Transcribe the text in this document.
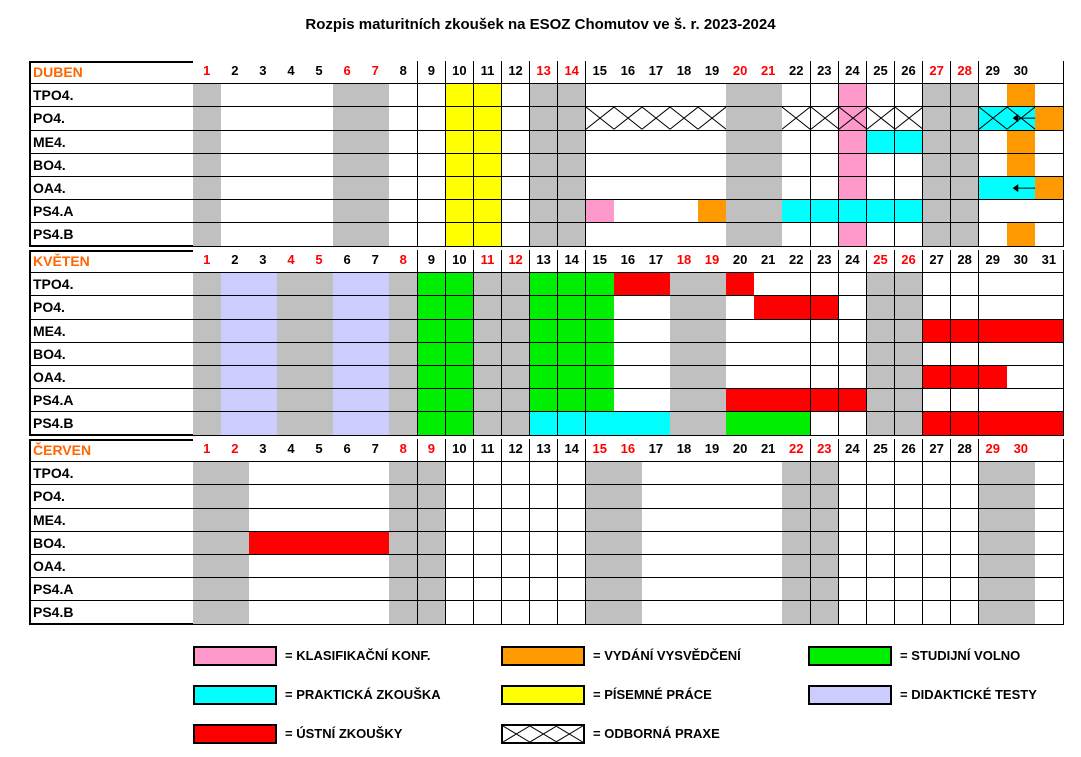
Rozpis maturitních zkoušek na ESOZ Chomutov ve š. r. 2023-2024
DUBEN	1	2	3	4	5	6	7	8	9	10	11	12	13	14	15	16	17	18	19	20	21	22	23	24	25	26	27	28	29	30
TPO4.
PO4.
ME4.
BO4.
OA4.
PS4.A
PS4.B
KVĚTEN	1	2	3	4	5	6	7	8	9	10	11	12	13	14	15	16	17	18	19	20	21	22	23	24	25	26	27	28	29	30	31
TPO4.
PO4.
ME4.
BO4.
OA4.
PS4.A
PS4.B
ČERVEN	1	2	3	4	5	6	7	8	9	10	11	12	13	14	15	16	17	18	19	20	21	22	23	24	25	26	27	28	29	30
TPO4.
PO4.
ME4.
BO4.
OA4.
PS4.A
PS4.B
= KLASIFIKAČNÍ KONF.	= VYDÁNÍ VYSVĚDČENÍ	= STUDIJNÍ VOLNO
= PRAKTICKÁ ZKOUŠKA	= PÍSEMNÉ PRÁCE	= DIDAKTICKÉ TESTY
= ÚSTNÍ ZKOUŠKY	= ODBORNÁ PRAXE
